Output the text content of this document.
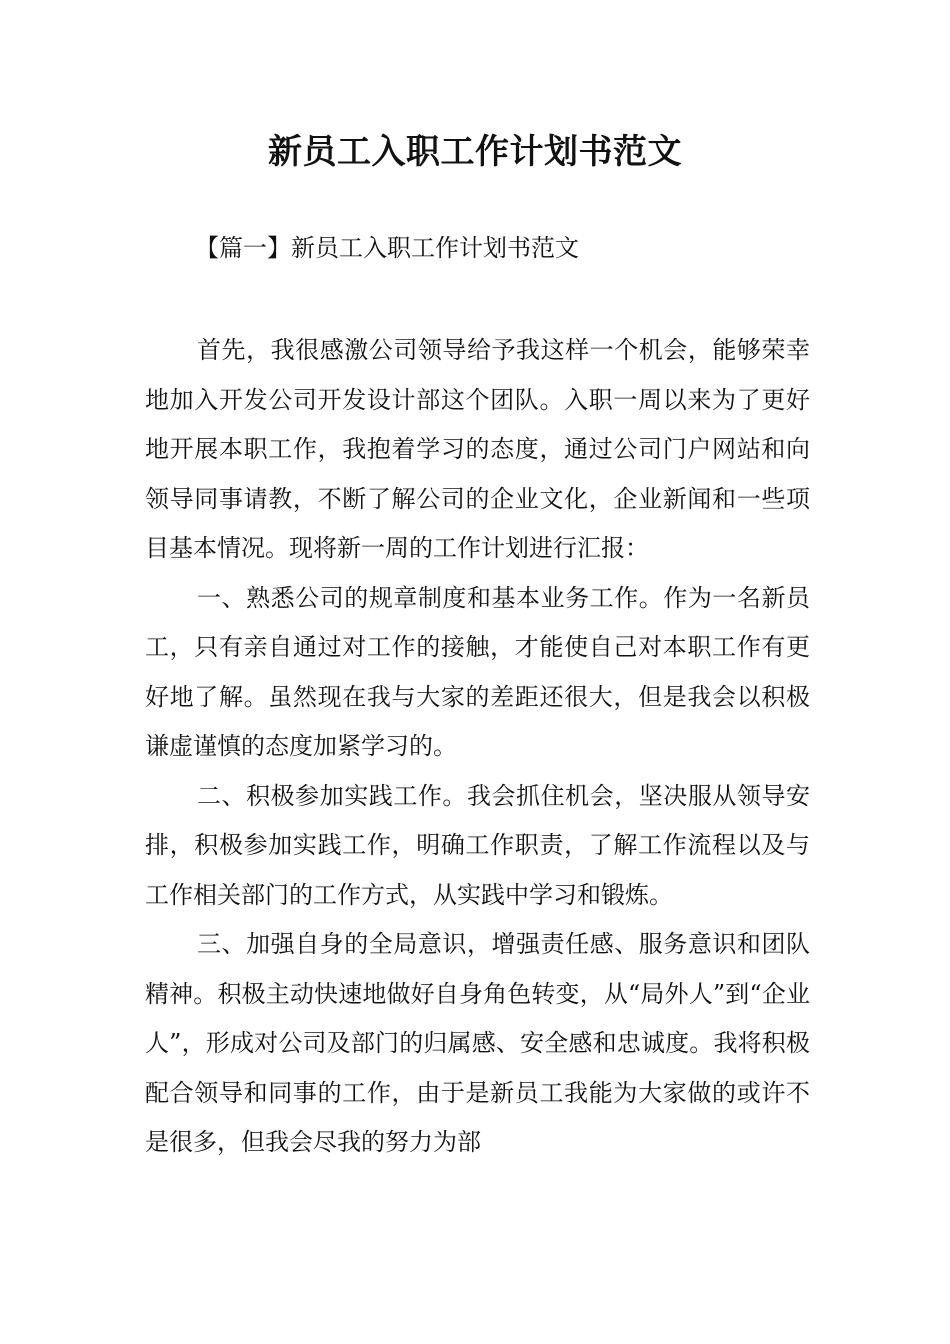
新员工入职工作计划书范文
【篇一】新员工入职工作计划书范文

首先，我很感激公司领导给予我这样一个机会，能够荣幸地加入开发公司开发设计部这个团队。入职一周以来为了更好地开展本职工作，我抱着学习的态度，通过公司门户网站和向领导同事请教，不断了解公司的企业文化，企业新闻和一些项目基本情况。现将新一周的工作计划进行汇报：

一、熟悉公司的规章制度和基本业务工作。作为一名新员工，只有亲自通过对工作的接触，才能使自己对本职工作有更好地了解。虽然现在我与大家的差距还很大，但是我会以积极谦虚谨慎的态度加紧学习的。

二、积极参加实践工作。我会抓住机会，坚决服从领导安排，积极参加实践工作，明确工作职责，了解工作流程以及与工作相关部门的工作方式，从实践中学习和锻炼。

三、加强自身的全局意识，增强责任感、服务意识和团队精神。积极主动快速地做好自身角色转变，从“局外人”到“企业人”，形成对公司及部门的归属感、安全感和忠诚度。我将积极配合领导和同事的工作，由于是新员工我能为大家做的或许不是很多，但我会尽我的努力为部
